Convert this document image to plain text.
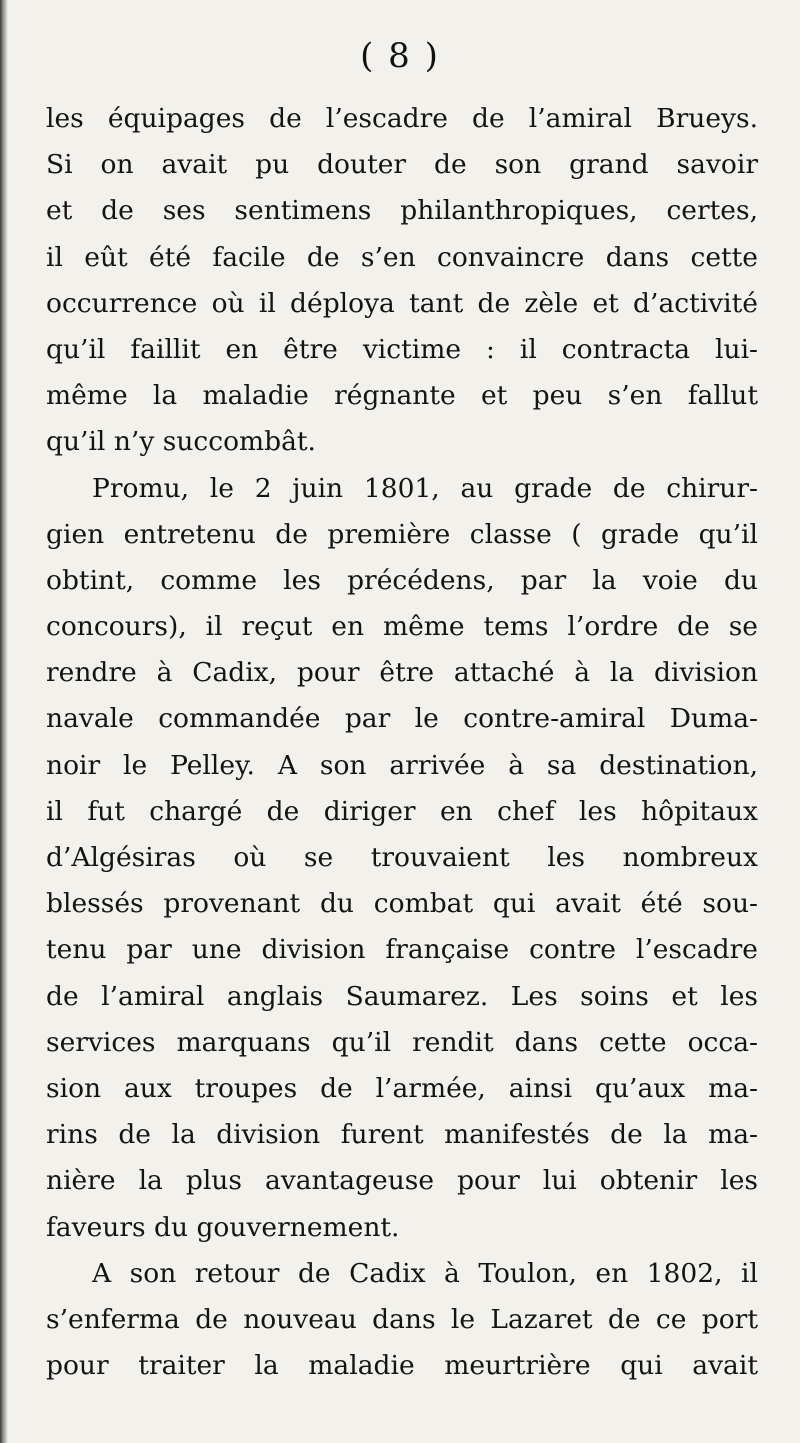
( 8 )
les équipages de l’escadre de l’amiral Brueys.
Si on avait pu douter de son grand savoir
et de ses sentimens philanthropiques, certes,
il eût été facile de s’en convaincre dans cette
occurrence où il déploya tant de zèle et d’activité
qu’il faillit en être victime : il contracta lui-
même la maladie régnante et peu s’en fallut
qu’il n’y succombât.
Promu, le 2 juin 1801, au grade de chirur-
gien entretenu de première classe ( grade qu’il
obtint, comme les précédens, par la voie du
concours), il reçut en même tems l’ordre de se
rendre à Cadix, pour être attaché à la division
navale commandée par le contre-amiral Duma-
noir le Pelley. A son arrivée à sa destination,
il fut chargé de diriger en chef les hôpitaux
d’Algésiras où se trouvaient les nombreux
blessés provenant du combat qui avait été sou-
tenu par une division française contre l’escadre
de l’amiral anglais Saumarez. Les soins et les
services marquans qu’il rendit dans cette occa-
sion aux troupes de l’armée, ainsi qu’aux ma-
rins de la division furent manifestés de la ma-
nière la plus avantageuse pour lui obtenir les
faveurs du gouvernement.
A son retour de Cadix à Toulon, en 1802, il
s’enferma de nouveau dans le Lazaret de ce port
pour traiter la maladie meurtrière qui avait
